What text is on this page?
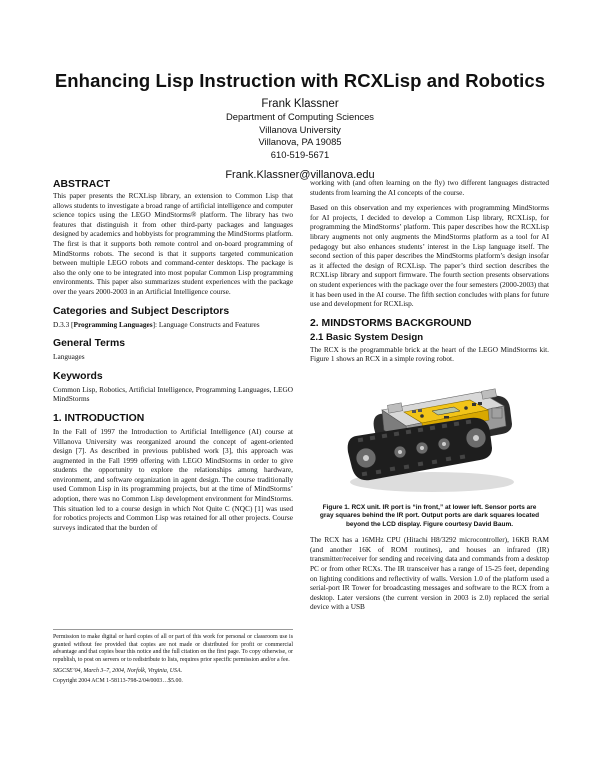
Enhancing Lisp Instruction with RCXLisp and Robotics
Frank Klassner
Department of Computing Sciences
Villanova University
Villanova, PA 19085
610-519-5671
Frank.Klassner@villanova.edu
ABSTRACT

This paper presents the RCXLisp library, an extension to Common Lisp that allows students to investigate a broad range of artificial intelligence and computer science topics using the LEGO MindStorms® platform. The library has two features that distinguish it from other third-party packages and languages designed by academics and hobbyists for programming the MindStorms platform. The first is that it supports both remote control and on-board programming of MindStorms robots. The second is that it supports targeted communication between multiple LEGO robots and command-center desktops. The package is also the only one to be integrated into most popular Common Lisp programming environments. This paper also summarizes student experiences with the package over the years 2000-2003 in an Artificial Intelligence course.

Categories and Subject Descriptors

D.3.3 [Programming Languages]: Language Constructs and Features

General Terms

Languages

Keywords

Common Lisp, Robotics, Artificial Intelligence, Programming Languages, LEGO MindStorms

1. INTRODUCTION

In the Fall of 1997 the Introduction to Artificial Intelligence (AI) course at Villanova University was reorganized around the concept of agent-oriented design [7]. As described in previous published work [3], this approach was augmented in the Fall 1999 offering with LEGO MindStorms in order to give students the opportunity to explore the relationships among hardware, environment, and software organization in agent design. The course traditionally used Common Lisp in its programming projects, but at the time of MindStorms’ adoption, there was no Common Lisp development environment for MindStorms. This situation led to a course design in which Not Quite C (NQC) [1] was used for robotics projects and Common Lisp was retained for all other projects. Course surveys indicated that the burden of

Permission to make digital or hard copies of all or part of this work for personal or classroom use is granted without fee provided that copies are not made or distributed for profit or commercial advantage and that copies bear this notice and the full citation on the first page. To copy otherwise, or republish, to post on servers or to redistribute to lists, requires prior specific permission and/or a fee.

SIGCSE’04, March 3–7, 2004, Norfolk, Virginia, USA.

Copyright 2004 ACM 1-58113-798-2/04/0003…$5.00.

working with (and often learning on the fly) two different languages distracted students from learning the AI concepts of the course.

Based on this observation and my experiences with programming MindStorms for AI projects, I decided to develop a Common Lisp library, RCXLisp, for programming the MindStorms’ platform. This paper describes how the RCXLisp library augments not only augments the MindStorms platform as a tool for AI pedagogy but also enhances students’ interest in the Lisp language itself. The second section of this paper describes the MindStorms platform’s design insofar as it affected the design of RCXLisp. The paper’s third section describes the RCXLisp library and support firmware. The fourth section presents observations on student experiences with the package over the four semesters (2000-2003) that it has been used in the AI course. The fifth section concludes with plans for future use and development for RCXLisp.

2. MINDSTORMS BACKGROUND
2.1 Basic System Design

The RCX is the programmable brick at the heart of the LEGO MindStorms kit. Figure 1 shows an RCX in a simple roving robot.

Figure 1. RCX unit. IR port is “in front,” at lower left. Sensor ports are gray squares behind the IR port. Output ports are dark squares located beyond the LCD display. Figure courtesy David Baum.

The RCX has a 16MHz CPU (Hitachi H8/3292 microcontroller), 16KB RAM (and another 16K of ROM routines), and houses an infrared (IR) transmitter/receiver for sending and receiving data and commands from a desktop PC or from other RCXs. The IR transceiver has a range of 15-25 feet, depending on lighting conditions and reflectivity of walls. Version 1.0 of the platform used a serial-port IR Tower for broadcasting messages and software to the RCX from a desktop. Later versions (the current version in 2003 is 2.0) replaced the serial device with a USB
